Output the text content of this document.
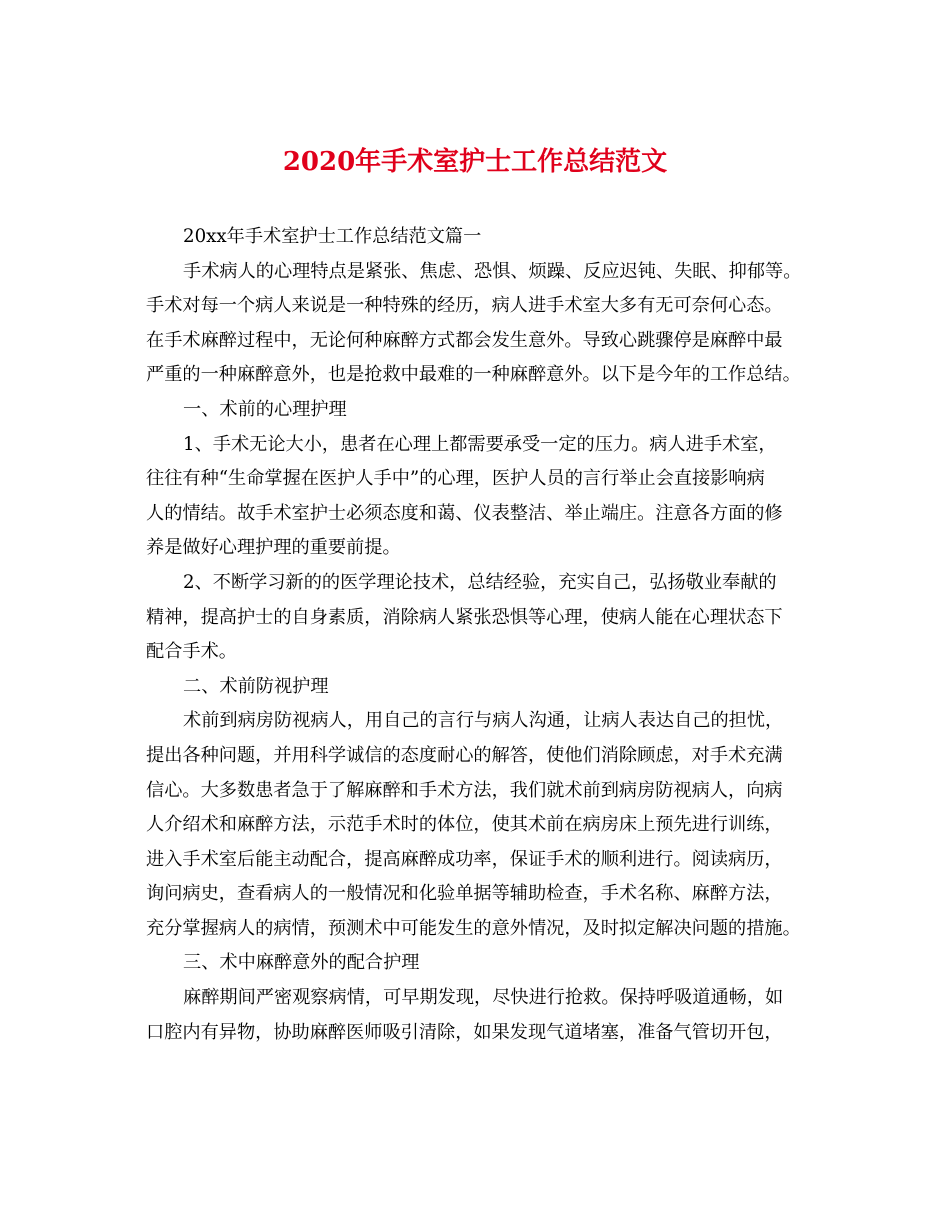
2020年手术室护士工作总结范文
20xx年手术室护士工作总结范文篇一
手术病人的心理特点是紧张、焦虑、恐惧、烦躁、反应迟钝、失眠、抑郁等。
手术对每一个病人来说是一种特殊的经历，病人进手术室大多有无可奈何心态。
在手术麻醉过程中，无论何种麻醉方式都会发生意外。导致心跳骤停是麻醉中最
严重的一种麻醉意外，也是抢救中最难的一种麻醉意外。以下是今年的工作总结。
一、术前的心理护理
1、手术无论大小，患者在心理上都需要承受一定的压力。病人进手术室，
往往有种“生命掌握在医护人手中”的心理，医护人员的言行举止会直接影响病
人的情结。故手术室护士必须态度和蔼、仪表整洁、举止端庄。注意各方面的修
养是做好心理护理的重要前提。
2、不断学习新的的医学理论技术，总结经验，充实自己，弘扬敬业奉献的
精神，提高护士的自身素质，消除病人紧张恐惧等心理，使病人能在心理状态下
配合手术。
二、术前防视护理
术前到病房防视病人，用自己的言行与病人沟通，让病人表达自己的担忧，
提出各种问题，并用科学诚信的态度耐心的解答，使他们消除顾虑，对手术充满
信心。大多数患者急于了解麻醉和手术方法，我们就术前到病房防视病人，向病
人介绍术和麻醉方法，示范手术时的体位，使其术前在病房床上预先进行训练，
进入手术室后能主动配合，提高麻醉成功率，保证手术的顺利进行。阅读病历，
询问病史，查看病人的一般情况和化验单据等辅助检查，手术名称、麻醉方法，
充分掌握病人的病情，预测术中可能发生的意外情况，及时拟定解决问题的措施。
三、术中麻醉意外的配合护理
麻醉期间严密观察病情，可早期发现，尽快进行抢救。保持呼吸道通畅，如
口腔内有异物，协助麻醉医师吸引清除，如果发现气道堵塞，准备气管切开包，
